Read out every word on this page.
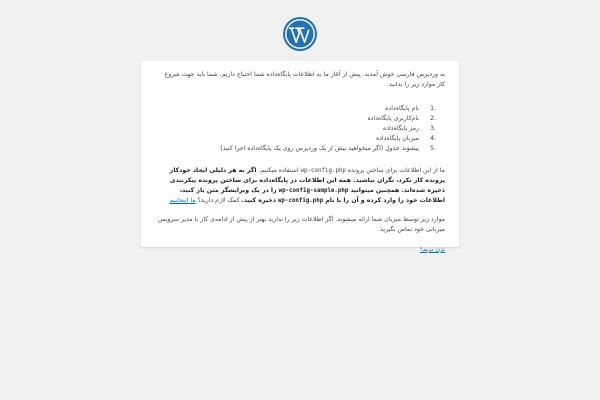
به وردپرس فارسی خوش آمدید. پیش از آغاز ما به اطلاعات پایگاه‌داده شما احتیاج داریم. شما باید جهت شروع کار موارد زیر را بدانید.

نام پایگاه‌داده
نام‌کاربری پایگاه‌داده
رمز پایگاه‌داده
میزبان پایگاه‌داده
پیشوند جدول (اگر میخواهید بیش از یک وردپرس روی یک پایگاه‌داده اجرا کنید)

ما از این اطلاعات برای ساختن پرونده wp-config.php استفاده میکنیم. اگر به هر دلیلی ایجاد خودکار پرونده کار نکرد، نگران نباشید. همه این اطلاعات در پایگاه‌داده برای ساختن پرونده پیکربندی ذخیره شده‌اند. همچنین میتوانید wp-config-sample.php را در یک ویرایشگر متن باز کنید، اطلاعات خود را وارد کرده و آن را با نام wp-config.php ذخیره کنید. کمک لازم دارید؟ ما اینجاییم

موارد زیر توسط میزبان شما ارائه میشوند. اگر اطلاعات زیر را ندارید بهتر از پیش از ادامه‌ی کار با مدیر سرویس
میزبانی خود تماس بگیرید.

بزن بریم!
